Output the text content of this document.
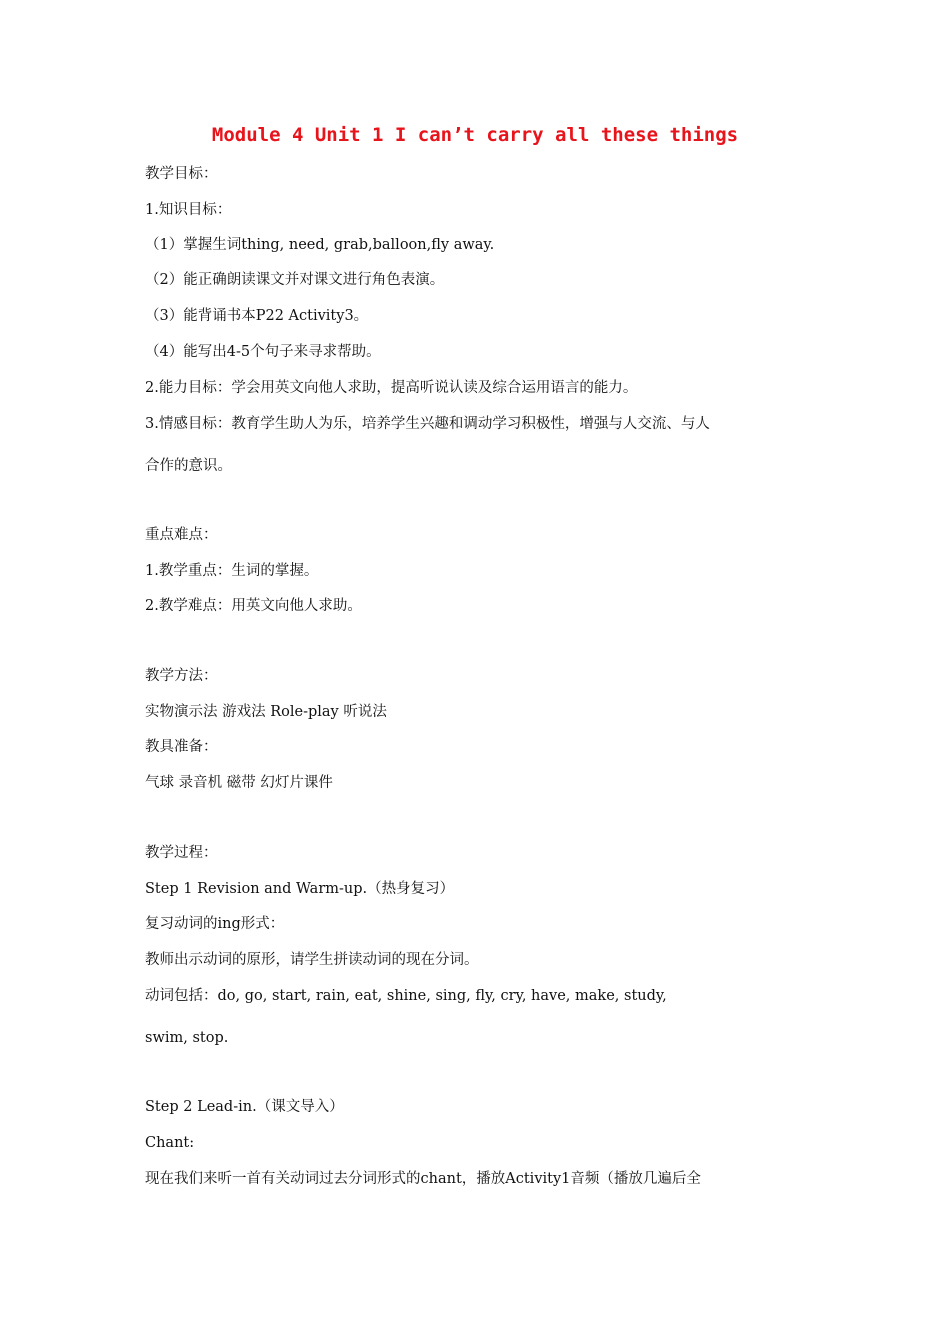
Module 4 Unit 1 I can’t carry all these things
教学目标：
1.知识目标：
（1）掌握生词thing, need, grab,balloon,fly away.
（2）能正确朗读课文并对课文进行角色表演。
（3）能背诵书本P22 Activity3。
（4）能写出4-5个句子来寻求帮助。
2.能力目标：学会用英文向他人求助，提高听说认读及综合运用语言的能力。
3.情感目标：教育学生助人为乐，培养学生兴趣和调动学习积极性，增强与人交流、与人
合作的意识。
重点难点：
1.教学重点：生词的掌握。
2.教学难点：用英文向他人求助。
教学方法：
实物演示法 游戏法 Role-play 听说法
教具准备：
气球 录音机 磁带 幻灯片课件
教学过程：
Step 1 Revision and Warm-up.（热身复习）
复习动词的ing形式：
教师出示动词的原形，请学生拼读动词的现在分词。
动词包括：do, go, start, rain, eat, shine, sing, fly, cry, have, make, study,
swim, stop.
Step 2 Lead-in.（课文导入）
Chant:
现在我们来听一首有关动词过去分词形式的chant，播放Activity1音频（播放几遍后全
